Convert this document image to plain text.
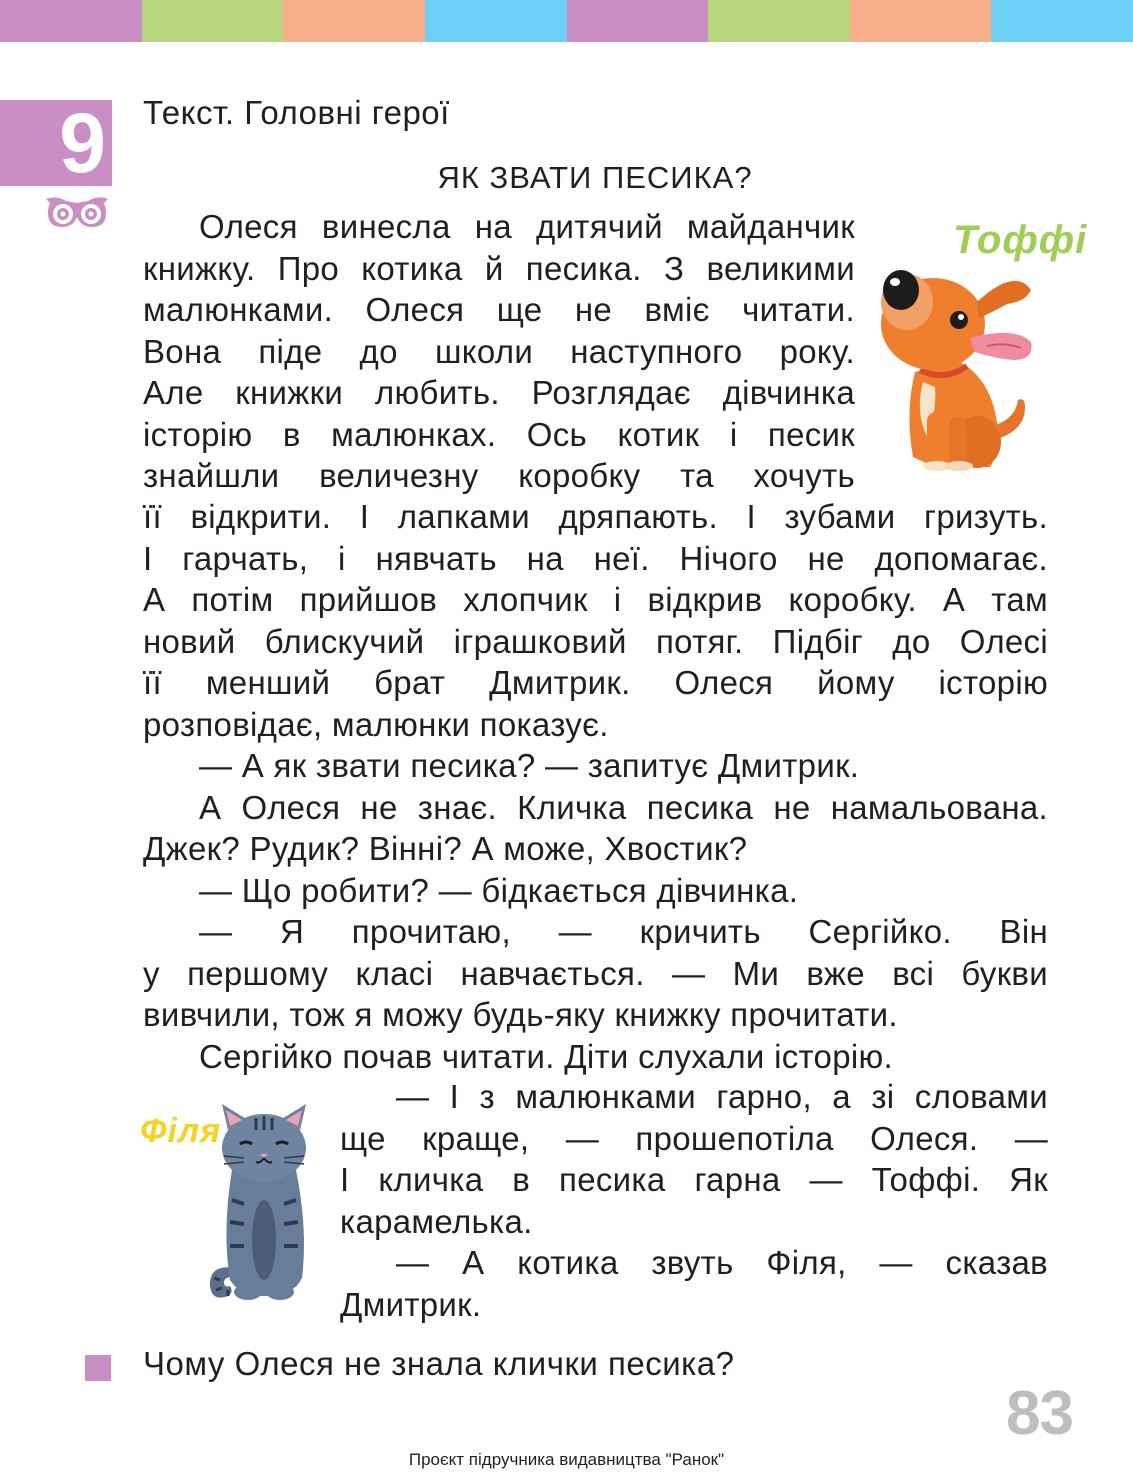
9 Текст. Головні герої
ЯК ЗВАТИ ПЕСИКА?
Олеся винесла на дитячий майданчик
книжку. Про котика й песика. З великими
малюнками. Олеся ще не вміє читати.
Вона піде до школи наступного року.
Але книжки любить. Розглядає дівчинка
історію в малюнках. Ось котик і песик
знайшли величезну коробку та хочуть
її відкрити. І лапками дряпають. І зубами гризуть.
І гарчать, і нявчать на неї. Нічого не допомагає.
А потім прийшов хлопчик і відкрив коробку. А там
новий блискучий іграшковий потяг. Підбіг до Олесі
її менший брат Дмитрик. Олеся йому історію
розповідає, малюнки показує.
— А як звати песика? — запитує Дмитрик.
А Олеся не знає. Кличка песика не намальована.
Джек? Рудик? Вінні? А може, Хвостик?
— Що робити? — бідкається дівчинка.
— Я прочитаю, — кричить Сергійко. Він
у першому класі навчається. — Ми вже всі букви
вивчили, тож я можу будь-яку книжку прочитати.
Сергійко почав читати. Діти слухали історію.
— І з малюнками гарно, а зі словами
ще краще, — прошепотіла Олеся. —
І кличка в песика гарна — Тоффі. Як
карамелька.
— А котика звуть Філя, — сказав
Дмитрик.
Тоффі
Філя
Чому Олеся не знала клички песика?
83
Проєкт підручника видавництва "Ранок"
